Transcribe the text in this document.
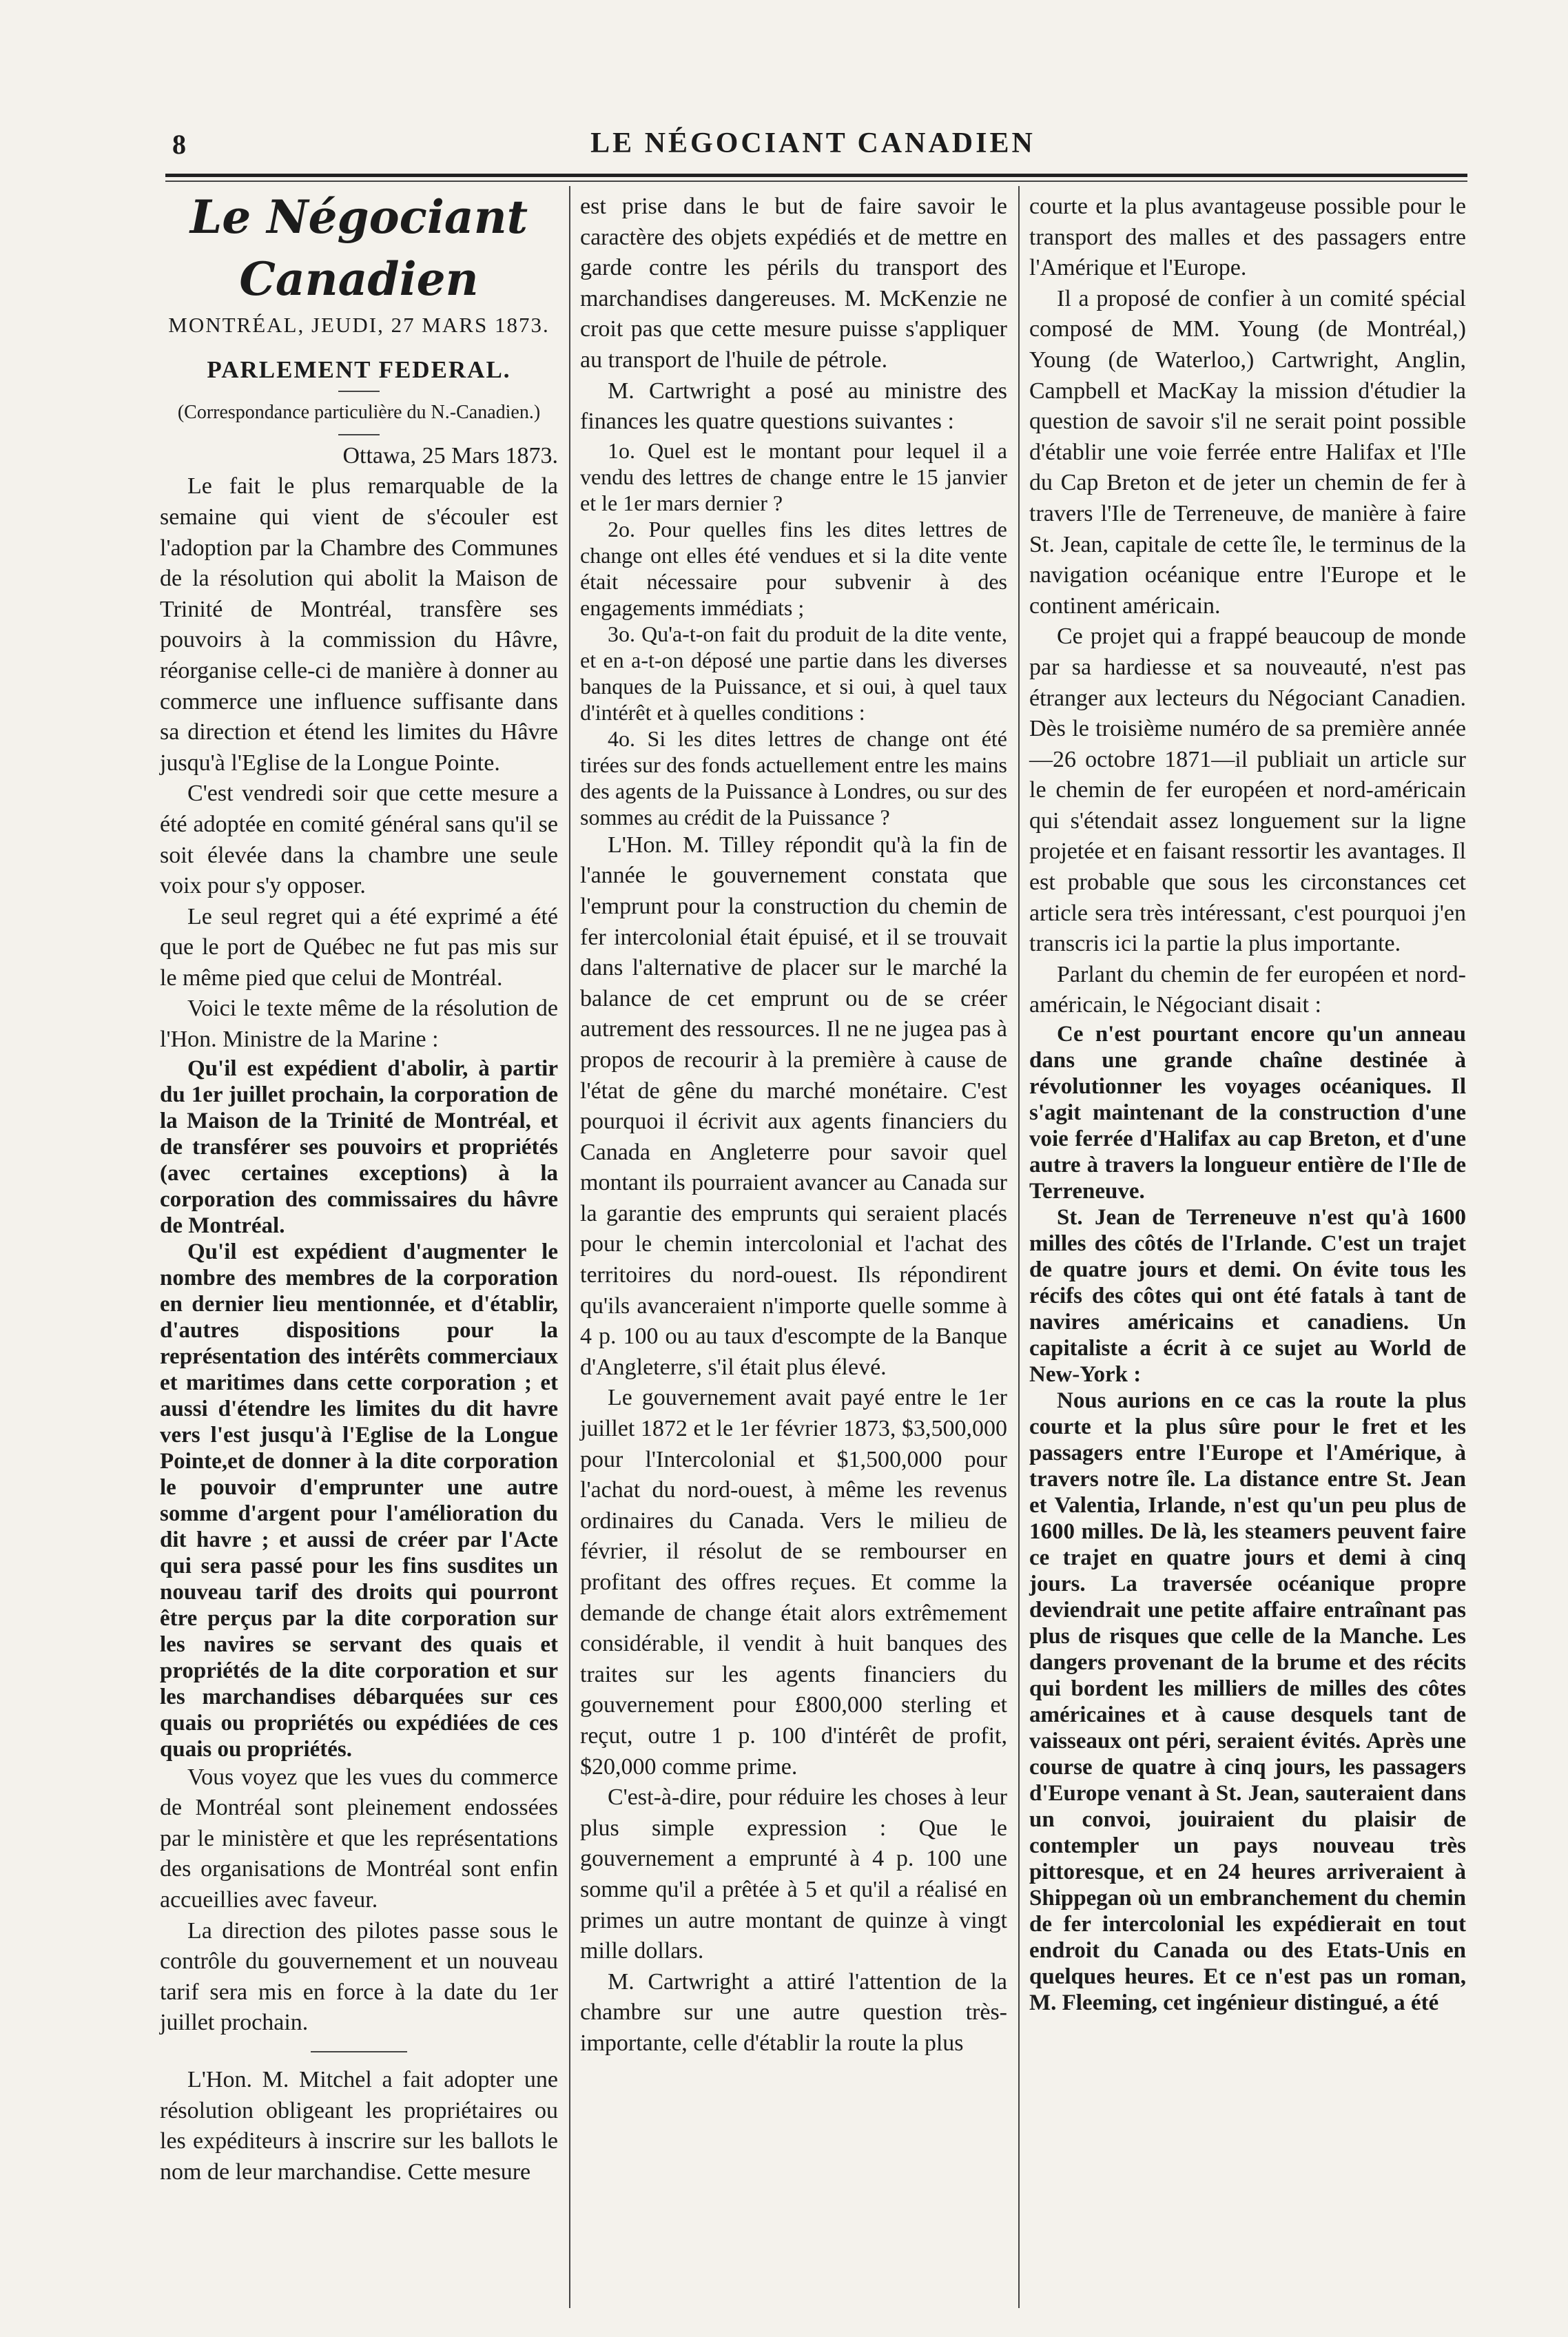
8	LE NÉGOCIANT CANADIEN

Le Négociant Canadien

MONTRÉAL, JEUDI, 27 MARS 1873.

PARLEMENT FEDERAL.

(Correspondance particulière du N.-Canadien.)

Ottawa, 25 Mars 1873.

Le fait le plus remarquable de la semaine qui vient de s'écouler est l'adoption par la Chambre des Communes de la résolution qui abolit la Maison de Trinité de Montréal, transfère ses pouvoirs à la commission du Hâvre, réorganise celle-ci de manière à donner au commerce une influence suffisante dans sa direction et étend les limites du Hâvre jusqu'à l'Eglise de la Longue Pointe.

C'est vendredi soir que cette mesure a été adoptée en comité général sans qu'il se soit élevée dans la chambre une seule voix pour s'y opposer.

Le seul regret qui a été exprimé a été que le port de Québec ne fut pas mis sur le même pied que celui de Montréal.

Voici le texte même de la résolution de l'Hon. Ministre de la Marine :

Qu'il est expédient d'abolir, à partir du 1er juillet prochain, la corporation de la Maison de la Trinité de Montréal, et de transférer ses pouvoirs et propriétés (avec certaines exceptions) à la corporation des commissaires du hâvre de Montréal.

Qu'il est expédient d'augmenter le nombre des membres de la corporation en dernier lieu mentionnée, et d'établir, d'autres dispositions pour la représentation des intérêts commerciaux et maritimes dans cette corporation ; et aussi d'étendre les limites du dit havre vers l'est jusqu'à l'Eglise de la Longue Pointe,et de donner à la dite corporation le pouvoir d'emprunter une autre somme d'argent pour l'amélioration du dit havre ; et aussi de créer par l'Acte qui sera passé pour les fins susdites un nouveau tarif des droits qui pourront être perçus par la dite corporation sur les navires se servant des quais et propriétés de la dite corporation et sur les marchandises débarquées sur ces quais ou propriétés ou expédiées de ces quais ou propriétés.

Vous voyez que les vues du commerce de Montréal sont pleinement endossées par le ministère et que les représentations des organisations de Montréal sont enfin accueillies avec faveur.

La direction des pilotes passe sous le contrôle du gouvernement et un nouveau tarif sera mis en force à la date du 1er juillet prochain.

L'Hon. M. Mitchel a fait adopter une résolution obligeant les propriétaires ou les expéditeurs à inscrire sur les ballots le nom de leur marchandise. Cette mesure

est prise dans le but de faire savoir le caractère des objets expédiés et de mettre en garde contre les périls du transport des marchandises dangereuses. M. McKenzie ne croit pas que cette mesure puisse s'appliquer au transport de l'huile de pétrole.

M. Cartwright a posé au ministre des finances les quatre questions suivantes :

1o. Quel est le montant pour lequel il a vendu des lettres de change entre le 15 janvier et le 1er mars dernier ?

2o. Pour quelles fins les dites lettres de change ont elles été vendues et si la dite vente était nécessaire pour subvenir à des engagements immédiats ;

3o. Qu'a-t-on fait du produit de la dite vente, et en a-t-on déposé une partie dans les diverses banques de la Puissance, et si oui, à quel taux d'intérêt et à quelles conditions :

4o. Si les dites lettres de change ont été tirées sur des fonds actuellement entre les mains des agents de la Puissance à Londres, ou sur des sommes au crédit de la Puissance ?

L'Hon. M. Tilley répondit qu'à la fin de l'année le gouvernement constata que l'emprunt pour la construction du chemin de fer intercolonial était épuisé, et il se trouvait dans l'alternative de placer sur le marché la balance de cet emprunt ou de se créer autrement des ressources. Il ne ne jugea pas à propos de recourir à la première à cause de l'état de gêne du marché monétaire. C'est pourquoi il écrivit aux agents financiers du Canada en Angleterre pour savoir quel montant ils pourraient avancer au Canada sur la garantie des emprunts qui seraient placés pour le chemin intercolonial et l'achat des territoires du nord-ouest. Ils répondirent qu'ils avanceraient n'importe quelle somme à 4 p. 100 ou au taux d'escompte de la Banque d'Angleterre, s'il était plus élevé.

Le gouvernement avait payé entre le 1er juillet 1872 et le 1er février 1873, $3,500,000 pour l'Intercolonial et $1,500,000 pour l'achat du nord-ouest, à même les revenus ordinaires du Canada. Vers le milieu de février, il résolut de se rembourser en profitant des offres reçues. Et comme la demande de change était alors extrêmement considérable, il vendit à huit banques des traites sur les agents financiers du gouvernement pour £800,000 sterling et reçut, outre 1 p. 100 d'intérêt de profit, $20,000 comme prime.

C'est-à-dire, pour réduire les choses à leur plus simple expression : Que le gouvernement a emprunté à 4 p. 100 une somme qu'il a prêtée à 5 et qu'il a réalisé en primes un autre montant de quinze à vingt mille dollars.

M. Cartwright a attiré l'attention de la chambre sur une autre question très-importante, celle d'établir la route la plus

courte et la plus avantageuse possible pour le transport des malles et des passagers entre l'Amérique et l'Europe.

Il a proposé de confier à un comité spécial composé de MM. Young (de Montréal,) Young (de Waterloo,) Cartwright, Anglin, Campbell et MacKay la mission d'étudier la question de savoir s'il ne serait point possible d'établir une voie ferrée entre Halifax et l'Ile du Cap Breton et de jeter un chemin de fer à travers l'Ile de Terreneuve, de manière à faire St. Jean, capitale de cette île, le terminus de la navigation océanique entre l'Europe et le continent américain.

Ce projet qui a frappé beaucoup de monde par sa hardiesse et sa nouveauté, n'est pas étranger aux lecteurs du Négociant Canadien. Dès le troisième numéro de sa première année—26 octobre 1871—il publiait un article sur le chemin de fer européen et nord-américain qui s'étendait assez longuement sur la ligne projetée et en faisant ressortir les avantages. Il est probable que sous les circonstances cet article sera très intéressant, c'est pourquoi j'en transcris ici la partie la plus importante.

Parlant du chemin de fer européen et nord-américain, le Négociant disait :

Ce n'est pourtant encore qu'un anneau dans une grande chaîne destinée à révolutionner les voyages océaniques. Il s'agit maintenant de la construction d'une voie ferrée d'Halifax au cap Breton, et d'une autre à travers la longueur entière de l'Ile de Terreneuve.

St. Jean de Terreneuve n'est qu'à 1600 milles des côtés de l'Irlande. C'est un trajet de quatre jours et demi. On évite tous les récifs des côtes qui ont été fatals à tant de navires américains et canadiens. Un capitaliste a écrit à ce sujet au World de New-York :

Nous aurions en ce cas la route la plus courte et la plus sûre pour le fret et les passagers entre l'Europe et l'Amérique, à travers notre île. La distance entre St. Jean et Valentia, Irlande, n'est qu'un peu plus de 1600 milles. De là, les steamers peuvent faire ce trajet en quatre jours et demi à cinq jours. La traversée océanique propre deviendrait une petite affaire entraînant pas plus de risques que celle de la Manche. Les dangers provenant de la brume et des récits qui bordent les milliers de milles des côtes américaines et à cause desquels tant de vaisseaux ont péri, seraient évités. Après une course de quatre à cinq jours, les passagers d'Europe venant à St. Jean, sauteraient dans un convoi, jouiraient du plaisir de contempler un pays nouveau très pittoresque, et en 24 heures arriveraient à Shippegan où un embranchement du chemin de fer intercolonial les expédierait en tout endroit du Canada ou des Etats-Unis en quelques heures. Et ce n'est pas un roman, M. Fleeming, cet ingénieur distingué, a été
